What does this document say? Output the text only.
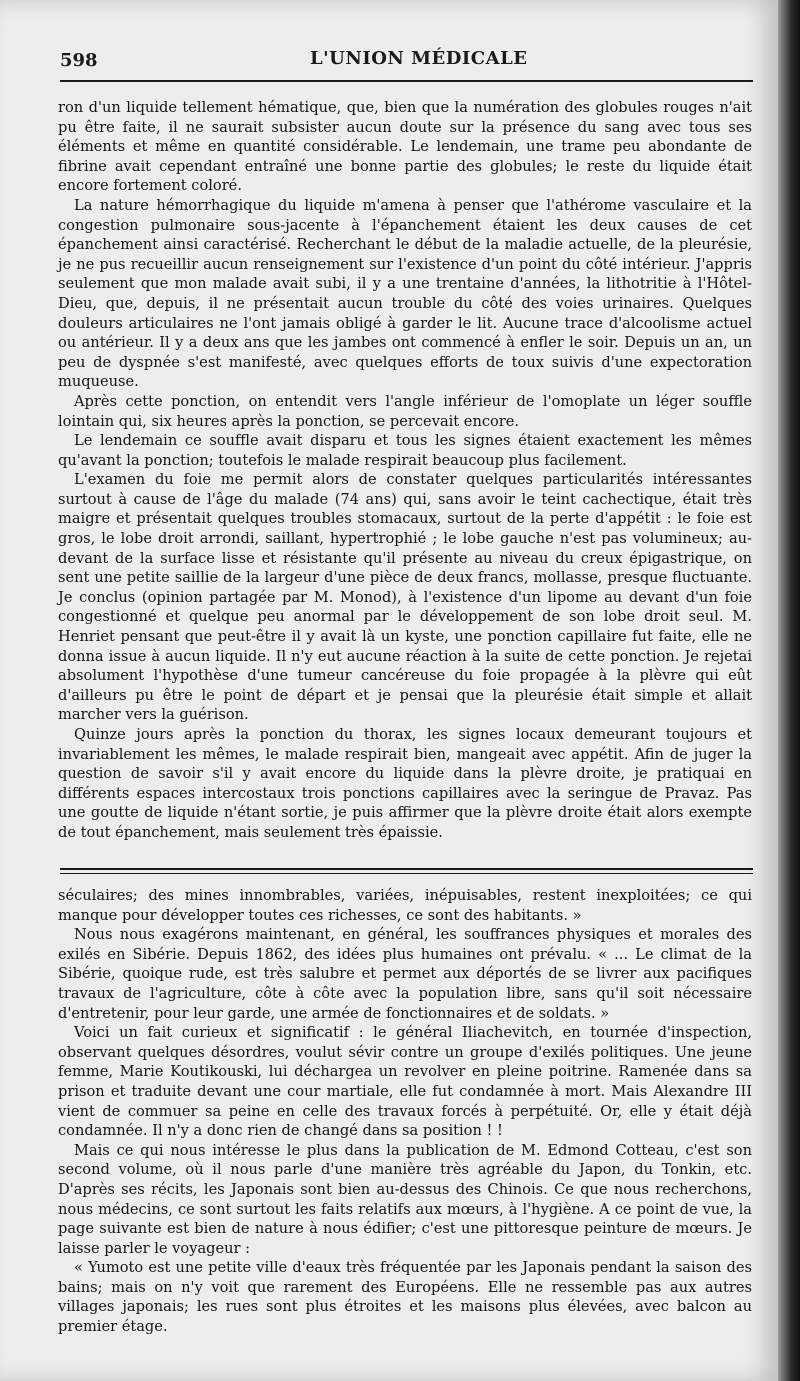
598	L'UNION MÉDICALE

ron d'un liquide tellement hématique, que, bien que la numération des globules rouges n'ait pu être faite, il ne saurait subsister aucun doute sur la présence du sang avec tous ses éléments et même en quantité considérable. Le lendemain, une trame peu abondante de fibrine avait cependant entraîné une bonne partie des globules; le reste du liquide était encore fortement coloré.

La nature hémorrhagique du liquide m'amena à penser que l'athérome vasculaire et la congestion pulmonaire sous-jacente à l'épanchement étaient les deux causes de cet épanchement ainsi caractérisé. Recherchant le début de la maladie actuelle, de la pleurésie, je ne pus recueillir aucun renseignement sur l'existence d'un point du côté intérieur. J'appris seulement que mon malade avait subi, il y a une trentaine d'années, la lithotritie à l'Hôtel-Dieu, que, depuis, il ne présentait aucun trouble du côté des voies urinaires. Quelques douleurs articulaires ne l'ont jamais obligé à garder le lit. Aucune trace d'alcoolisme actuel ou antérieur. Il y a deux ans que les jambes ont commencé à enfler le soir. Depuis un an, un peu de dyspnée s'est manifesté, avec quelques efforts de toux suivis d'une expectoration muqueuse.

Après cette ponction, on entendit vers l'angle inférieur de l'omoplate un léger souffle lointain qui, six heures après la ponction, se percevait encore.

Le lendemain ce souffle avait disparu et tous les signes étaient exactement les mêmes qu'avant la ponction; toutefois le malade respirait beaucoup plus facilement.

L'examen du foie me permit alors de constater quelques particularités intéressantes surtout à cause de l'âge du malade (74 ans) qui, sans avoir le teint cachectique, était très maigre et présentait quelques troubles stomacaux, surtout de la perte d'appétit : le foie est gros, le lobe droit arrondi, saillant, hypertrophié ; le lobe gauche n'est pas volumineux; au-devant de la surface lisse et résistante qu'il présente au niveau du creux épigastrique, on sent une petite saillie de la largeur d'une pièce de deux francs, mollasse, presque fluctuante. Je conclus (opinion partagée par M. Monod), à l'existence d'un lipome au devant d'un foie congestionné et quelque peu anormal par le développement de son lobe droit seul. M. Henriet pensant que peut-être il y avait là un kyste, une ponction capillaire fut faite, elle ne donna issue à aucun liquide. Il n'y eut aucune réaction à la suite de cette ponction. Je rejetai absolument l'hypothèse d'une tumeur cancéreuse du foie propagée à la plèvre qui eût d'ailleurs pu être le point de départ et je pensai que la pleurésie était simple et allait marcher vers la guérison.

Quinze jours après la ponction du thorax, les signes locaux demeurant toujours et invariablement les mêmes, le malade respirait bien, mangeait avec appétit. Afin de juger la question de savoir s'il y avait encore du liquide dans la plèvre droite, je pratiquai en différents espaces intercostaux trois ponctions capillaires avec la seringue de Pravaz. Pas une goutte de liquide n'étant sortie, je puis affirmer que la plèvre droite était alors exempte de tout épanchement, mais seulement très épaissie.

séculaires; des mines innombrables, variées, inépuisables, restent inexploitées; ce qui manque pour développer toutes ces richesses, ce sont des habitants. »

Nous nous exagérons maintenant, en général, les souffrances physiques et morales des exilés en Sibérie. Depuis 1862, des idées plus humaines ont prévalu. « ... Le climat de la Sibérie, quoique rude, est très salubre et permet aux déportés de se livrer aux pacifiques travaux de l'agriculture, côte à côte avec la population libre, sans qu'il soit nécessaire d'entretenir, pour leur garde, une armée de fonctionnaires et de soldats. »

Voici un fait curieux et significatif : le général Iliachevitch, en tournée d'inspection, observant quelques désordres, voulut sévir contre un groupe d'exilés politiques. Une jeune femme, Marie Koutikouski, lui déchargea un revolver en pleine poitrine. Ramenée dans sa prison et traduite devant une cour martiale, elle fut condamnée à mort. Mais Alexandre III vient de commuer sa peine en celle des travaux forcés à perpétuité. Or, elle y était déjà condamnée. Il n'y a donc rien de changé dans sa position ! !

Mais ce qui nous intéresse le plus dans la publication de M. Edmond Cotteau, c'est son second volume, où il nous parle d'une manière très agréable du Japon, du Tonkin, etc. D'après ses récits, les Japonais sont bien au-dessus des Chinois. Ce que nous recherchons, nous médecins, ce sont surtout les faits relatifs aux mœurs, à l'hygiène. A ce point de vue, la page suivante est bien de nature à nous édifier; c'est une pittoresque peinture de mœurs. Je laisse parler le voyageur :

« Yumoto est une petite ville d'eaux très fréquentée par les Japonais pendant la saison des bains; mais on n'y voit que rarement des Européens. Elle ne ressemble pas aux autres villages japonais; les rues sont plus étroites et les maisons plus élevées, avec balcon au premier étage.
